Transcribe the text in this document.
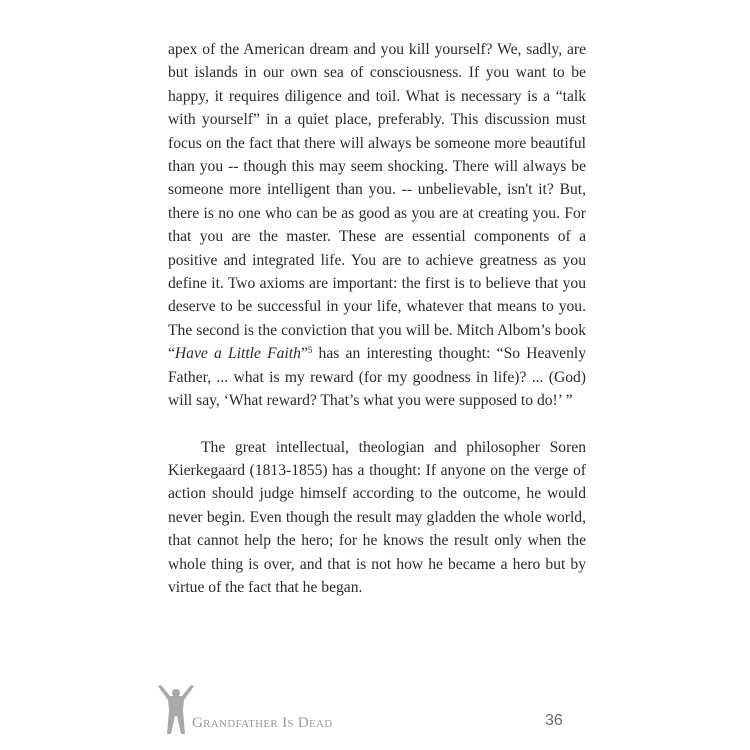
apex of the American dream and you kill yourself? We, sadly, are but islands in our own sea of consciousness. If you want to be happy, it requires diligence and toil. What is necessary is a “talk with yourself” in a quiet place, preferably. This discussion must focus on the fact that there will always be someone more beautiful than you -- though this may seem shocking. There will always be someone more intelligent than you. -- unbelievable, isn't it? But, there is no one who can be as good as you are at creating you. For that you are the master. These are essential components of a positive and integrated life. You are to achieve greatness as you define it. Two axioms are important: the first is to believe that you deserve to be successful in your life, whatever that means to you. The second is the conviction that you will be. Mitch Albom’s book “Have a Little Faith”$^5$ has an interesting thought: “So Heavenly Father, ... what is my reward (for my goodness in life)? ... (God) will say, ‘What reward? That’s what you were supposed to do!’ ”

The great intellectual, theologian and philosopher Soren Kierkegaard (1813-1855) has a thought: If anyone on the verge of action should judge himself according to the outcome, he would never begin. Even though the result may gladden the whole world, that cannot help the hero; for he knows the result only when the whole thing is over, and that is not how he became a hero but by virtue of the fact that he began.

Grandfather Is Dead	36
